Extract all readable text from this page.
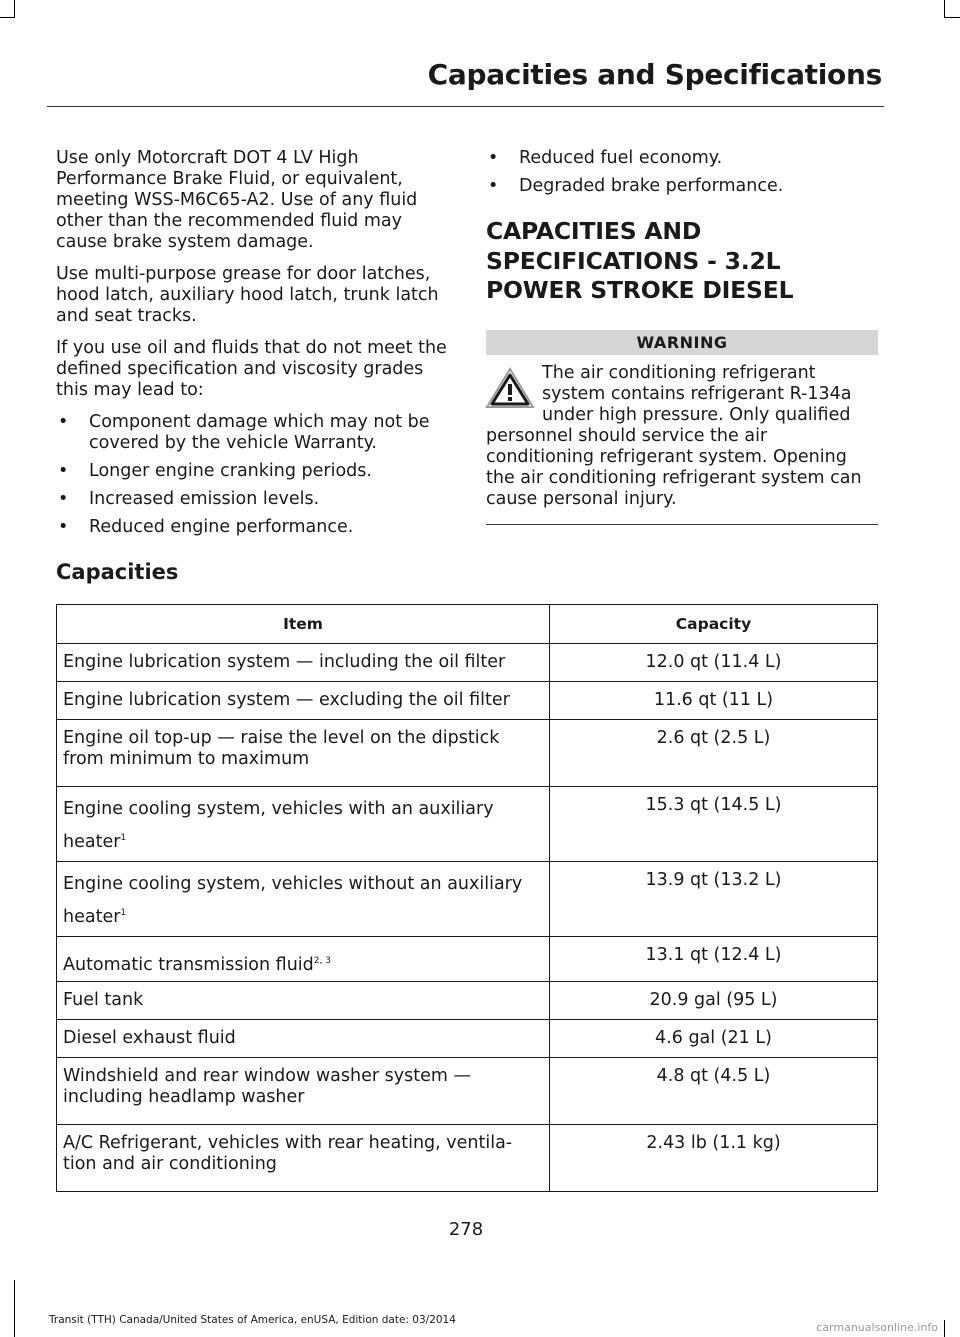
Capacities and Specifications

Use only Motorcraft DOT 4 LV High Performance Brake Fluid, or equivalent, meeting WSS-M6C65-A2. Use of any fluid other than the recommended fluid may cause brake system damage.

Use multi-purpose grease for door latches, hood latch, auxiliary hood latch, trunk latch and seat tracks.

If you use oil and fluids that do not meet the defined specification and viscosity grades this may lead to:

• Component damage which may not be covered by the vehicle Warranty.
• Longer engine cranking periods.
• Increased emission levels.
• Reduced engine performance.
• Reduced fuel economy.
• Degraded brake performance.
CAPACITIES AND SPECIFICATIONS - 3.2L POWER STROKE DIESEL
WARNING
The air conditioning refrigerant system contains refrigerant R-134a under high pressure. Only qualified personnel should service the air conditioning refrigerant system. Opening the air conditioning refrigerant system can cause personal injury.
Capacities
Item	Capacity
Engine lubrication system — including the oil filter	12.0 qt (11.4 L)
Engine lubrication system — excluding the oil filter	11.6 qt (11 L)
Engine oil top-up — raise the level on the dipstick from minimum to maximum	2.6 qt (2.5 L)
Engine cooling system, vehicles with an auxiliary heater$^1$	15.3 qt (14.5 L)
Engine cooling system, vehicles without an auxiliary heater$^1$	13.9 qt (13.2 L)
Automatic transmission fluid$^{2, 3}$	13.1 qt (12.4 L)
Fuel tank	20.9 gal (95 L)
Diesel exhaust fluid	4.6 gal (21 L)
Windshield and rear window washer system — including headlamp washer	4.8 qt (4.5 L)
A/C Refrigerant, vehicles with rear heating, ventila-tion and air conditioning	2.43 lb (1.1 kg)
278
Transit (TTH) Canada/United States of America, enUSA, Edition date: 03/2014
carmanualsonline.info
